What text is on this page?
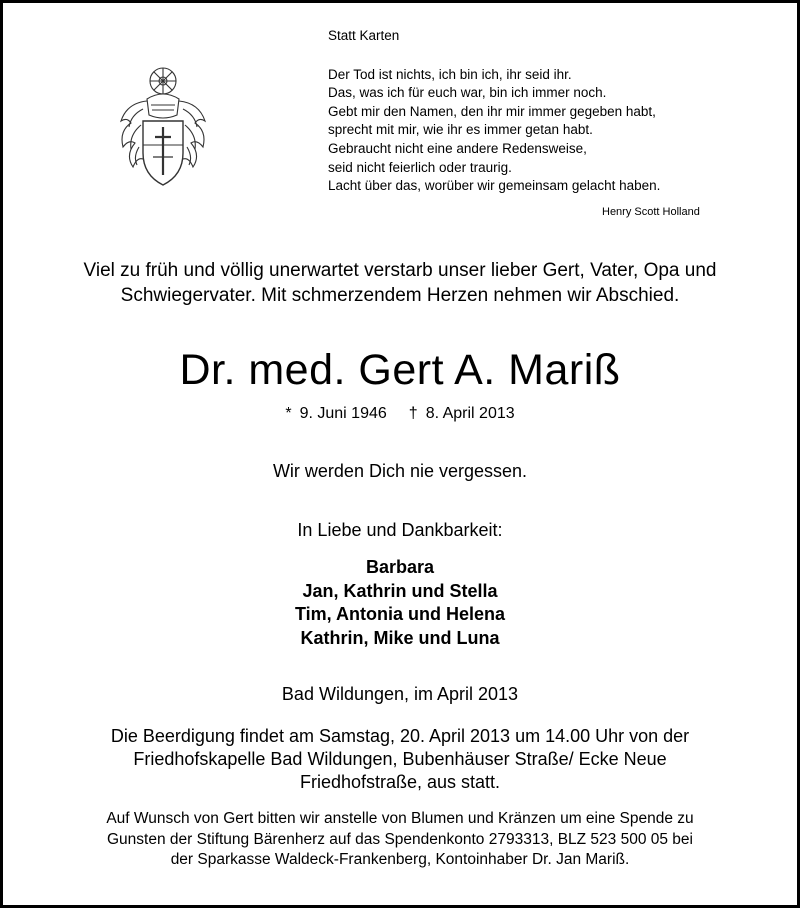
Statt Karten
Der Tod ist nichts, ich bin ich, ihr seid ihr.
Das, was ich für euch war, bin ich immer noch.
Gebt mir den Namen, den ihr mir immer gegeben habt,
sprecht mit mir, wie ihr es immer getan habt.
Gebraucht nicht eine andere Redensweise,
seid nicht feierlich oder traurig.
Lacht über das, worüber wir gemeinsam gelacht haben.
Henry Scott Holland
Viel zu früh und völlig unerwartet verstarb unser lieber Gert, Vater, Opa und
Schwiegervater. Mit schmerzendem Herzen nehmen wir Abschied.
Dr. med. Gert A. Mariß
* 9. Juni 1946 † 8. April 2013
Wir werden Dich nie vergessen.
In Liebe und Dankbarkeit:
Barbara
Jan, Kathrin und Stella
Tim, Antonia und Helena
Kathrin, Mike und Luna
Bad Wildungen, im April 2013
Die Beerdigung findet am Samstag, 20. April 2013 um 14.00 Uhr von der
Friedhofskapelle Bad Wildungen, Bubenhäuser Straße/ Ecke Neue
Friedhofstraße, aus statt.
Auf Wunsch von Gert bitten wir anstelle von Blumen und Kränzen um eine Spende zu
Gunsten der Stiftung Bärenherz auf das Spendenkonto 2793313, BLZ 523 500 05 bei
der Sparkasse Waldeck-Frankenberg, Kontoinhaber Dr. Jan Mariß.
